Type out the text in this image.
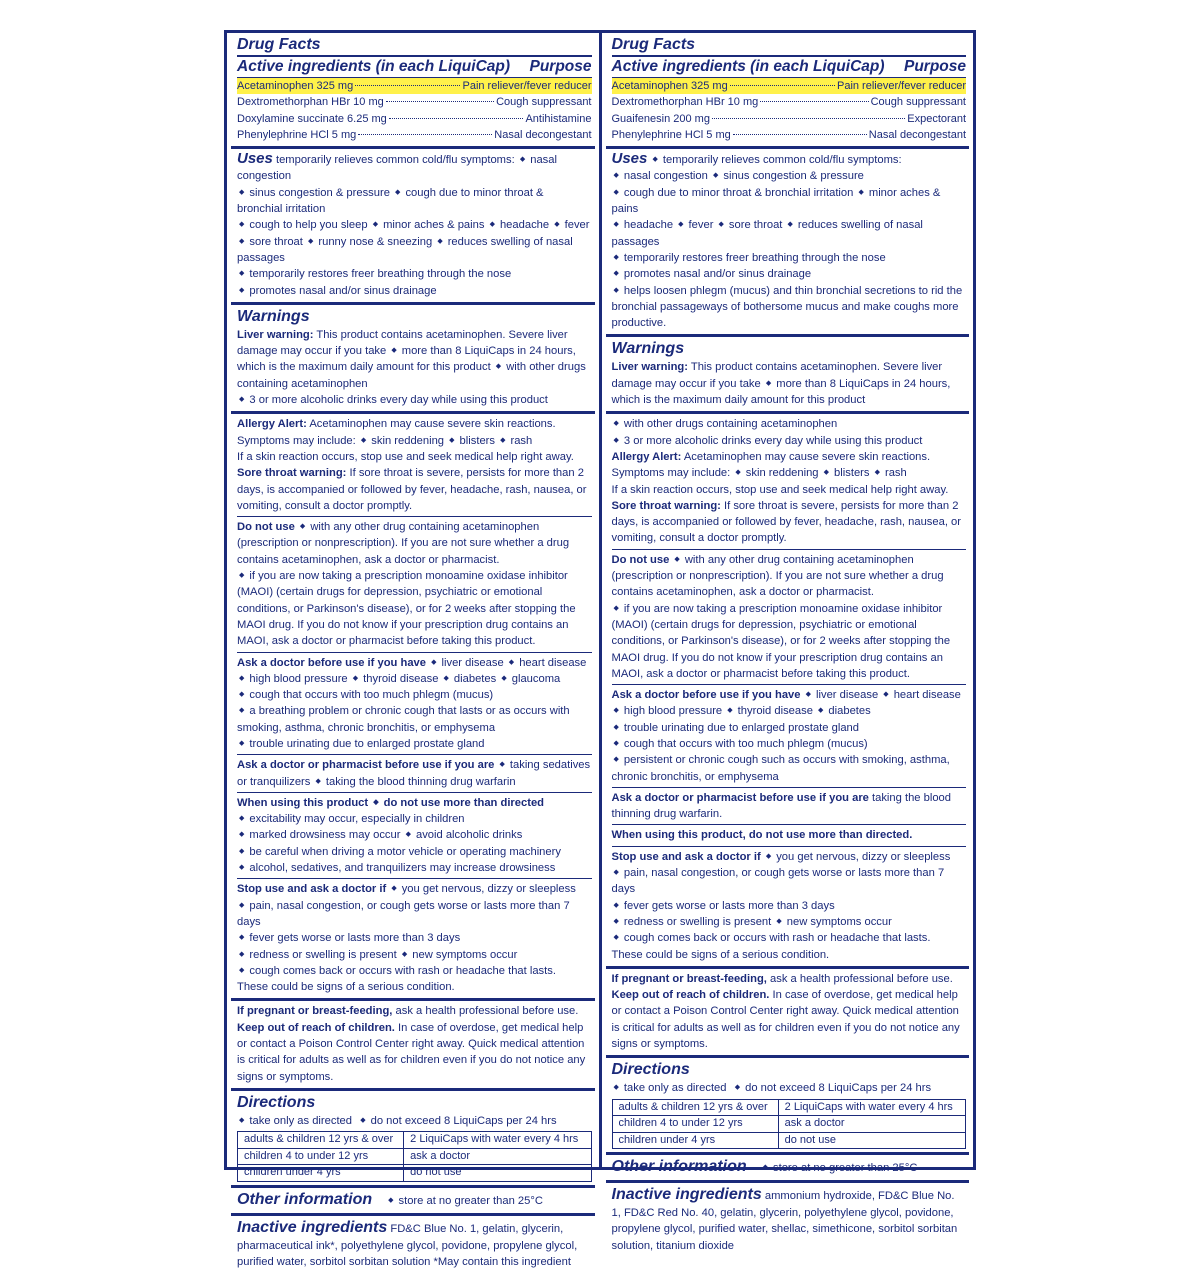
Drug Facts
Active ingredients (in each LiquiCap) Purpose
Acetaminophen 325 mg	Pain reliever/fever reducer
Dextromethorphan HBr 10 mg	Cough suppressant
Doxylamine succinate 6.25 mg	Antihistamine
Phenylephrine HCl 5 mg	Nasal decongestant
Uses temporarily relieves common cold/flu symptoms: ◆ nasal congestion
◆ sinus congestion & pressure ◆ cough due to minor throat & bronchial irritation
◆ cough to help you sleep ◆ minor aches & pains ◆ headache ◆ fever
◆ sore throat ◆ runny nose & sneezing ◆ reduces swelling of nasal passages
◆ temporarily restores freer breathing through the nose
◆ promotes nasal and/or sinus drainage
Warnings
Liver warning: This product contains acetaminophen. Severe liver damage may occur if you take ◆ more than 8 LiquiCaps in 24 hours, which is the maximum daily amount for this product ◆ with other drugs containing acetaminophen
◆ 3 or more alcoholic drinks every day while using this product
Allergy Alert: Acetaminophen may cause severe skin reactions. Symptoms may include: ◆ skin reddening ◆ blisters ◆ rash
If a skin reaction occurs, stop use and seek medical help right away.
Sore throat warning: If sore throat is severe, persists for more than 2 days, is accompanied or followed by fever, headache, rash, nausea, or vomiting, consult a doctor promptly.
Do not use ◆ with any other drug containing acetaminophen (prescription or nonprescription). If you are not sure whether a drug contains acetaminophen, ask a doctor or pharmacist.
◆ if you are now taking a prescription monoamine oxidase inhibitor (MAOI) (certain drugs for depression, psychiatric or emotional conditions, or Parkinson's disease), or for 2 weeks after stopping the MAOI drug. If you do not know if your prescription drug contains an MAOI, ask a doctor or pharmacist before taking this product.
Ask a doctor before use if you have ◆ liver disease ◆ heart disease
◆ high blood pressure ◆ thyroid disease ◆ diabetes ◆ glaucoma
◆ cough that occurs with too much phlegm (mucus)
◆ a breathing problem or chronic cough that lasts or as occurs with smoking, asthma, chronic bronchitis, or emphysema
◆ trouble urinating due to enlarged prostate gland
Ask a doctor or pharmacist before use if you are ◆ taking sedatives or tranquilizers ◆ taking the blood thinning drug warfarin
When using this product ◆ do not use more than directed
◆ excitability may occur, especially in children
◆ marked drowsiness may occur ◆ avoid alcoholic drinks
◆ be careful when driving a motor vehicle or operating machinery
◆ alcohol, sedatives, and tranquilizers may increase drowsiness
Stop use and ask a doctor if ◆ you get nervous, dizzy or sleepless
◆ pain, nasal congestion, or cough gets worse or lasts more than 7 days
◆ fever gets worse or lasts more than 3 days
◆ redness or swelling is present ◆ new symptoms occur
◆ cough comes back or occurs with rash or headache that lasts.
These could be signs of a serious condition.
If pregnant or breast-feeding, ask a health professional before use. Keep out of reach of children. In case of overdose, get medical help or contact a Poison Control Center right away. Quick medical attention is critical for adults as well as for children even if you do not notice any signs or symptoms.
Directions
◆ take only as directed ◆ do not exceed 8 LiquiCaps per 24 hrs
adults & children 12 yrs & over	2 LiquiCaps with water every 4 hrs
children 4 to under 12 yrs	ask a doctor
children under 4 yrs	do not use
Other information	◆ store at no greater than 25°C
Inactive ingredients FD&C Blue No. 1, gelatin, glycerin, pharmaceutical ink*, polyethylene glycol, povidone, propylene glycol, purified water, sorbitol sorbitan solution *May contain this ingredient
Drug Facts
Active ingredients (in each LiquiCap) Purpose
Acetaminophen 325 mg	Pain reliever/fever reducer
Dextromethorphan HBr 10 mg	Cough suppressant
Guaifenesin 200 mg	Expectorant
Phenylephrine HCl 5 mg	Nasal decongestant
Uses ◆ temporarily relieves common cold/flu symptoms:
◆ nasal congestion ◆ sinus congestion & pressure
◆ cough due to minor throat & bronchial irritation ◆ minor aches & pains
◆ headache ◆ fever ◆ sore throat ◆ reduces swelling of nasal passages
◆ temporarily restores freer breathing through the nose
◆ promotes nasal and/or sinus drainage
◆ helps loosen phlegm (mucus) and thin bronchial secretions to rid the bronchial passageways of bothersome mucus and make coughs more productive.
Warnings
Liver warning: This product contains acetaminophen. Severe liver damage may occur if you take ◆ more than 8 LiquiCaps in 24 hours, which is the maximum daily amount for this product
◆ with other drugs containing acetaminophen
◆ 3 or more alcoholic drinks every day while using this product
Allergy Alert: Acetaminophen may cause severe skin reactions. Symptoms may include: ◆ skin reddening ◆ blisters ◆ rash
If a skin reaction occurs, stop use and seek medical help right away.
Sore throat warning: If sore throat is severe, persists for more than 2 days, is accompanied or followed by fever, headache, rash, nausea, or vomiting, consult a doctor promptly.
Do not use ◆ with any other drug containing acetaminophen (prescription or nonprescription). If you are not sure whether a drug contains acetaminophen, ask a doctor or pharmacist.
◆ if you are now taking a prescription monoamine oxidase inhibitor (MAOI) (certain drugs for depression, psychiatric or emotional conditions, or Parkinson's disease), or for 2 weeks after stopping the MAOI drug. If you do not know if your prescription drug contains an MAOI, ask a doctor or pharmacist before taking this product.
Ask a doctor before use if you have ◆ liver disease ◆ heart disease
◆ high blood pressure ◆ thyroid disease ◆ diabetes
◆ trouble urinating due to enlarged prostate gland
◆ cough that occurs with too much phlegm (mucus)
◆ persistent or chronic cough such as occurs with smoking, asthma, chronic bronchitis, or emphysema
Ask a doctor or pharmacist before use if you are taking the blood thinning drug warfarin.
When using this product, do not use more than directed.
Stop use and ask a doctor if ◆ you get nervous, dizzy or sleepless
◆ pain, nasal congestion, or cough gets worse or lasts more than 7 days
◆ fever gets worse or lasts more than 3 days
◆ redness or swelling is present ◆ new symptoms occur
◆ cough comes back or occurs with rash or headache that lasts.
These could be signs of a serious condition.
If pregnant or breast-feeding, ask a health professional before use. Keep out of reach of children. In case of overdose, get medical help or contact a Poison Control Center right away. Quick medical attention is critical for adults as well as for children even if you do not notice any signs or symptoms.
Directions
◆ take only as directed ◆ do not exceed 8 LiquiCaps per 24 hrs
adults & children 12 yrs & over	2 LiquiCaps with water every 4 hrs
children 4 to under 12 yrs	ask a doctor
children under 4 yrs	do not use
Other information	◆ store at no greater than 25°C
Inactive ingredients ammonium hydroxide, FD&C Blue No. 1, FD&C Red No. 40, gelatin, glycerin, polyethylene glycol, povidone, propylene glycol, purified water, shellac, simethicone, sorbitol sorbitan solution, titanium dioxide
